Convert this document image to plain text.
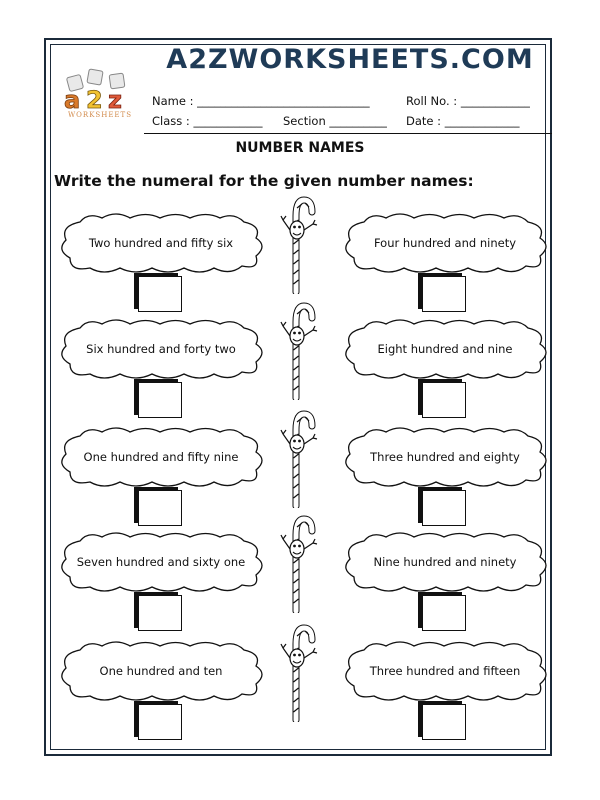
A2ZWORKSHEETS.COM
a 2 z
WORKSHEETS
Name : ______________________________	Roll No. : ____________
Class : ____________ Section __________ Date : _____________
NUMBER NAMES
Write the numeral for the given number names:
Two hundred and fifty six	Four hundred and ninety
Six hundred and forty two	Eight hundred and nine
One hundred and fifty nine	Three hundred and eighty
Seven hundred and sixty one	Nine hundred and ninety
One hundred and ten	Three hundred and fifteen
